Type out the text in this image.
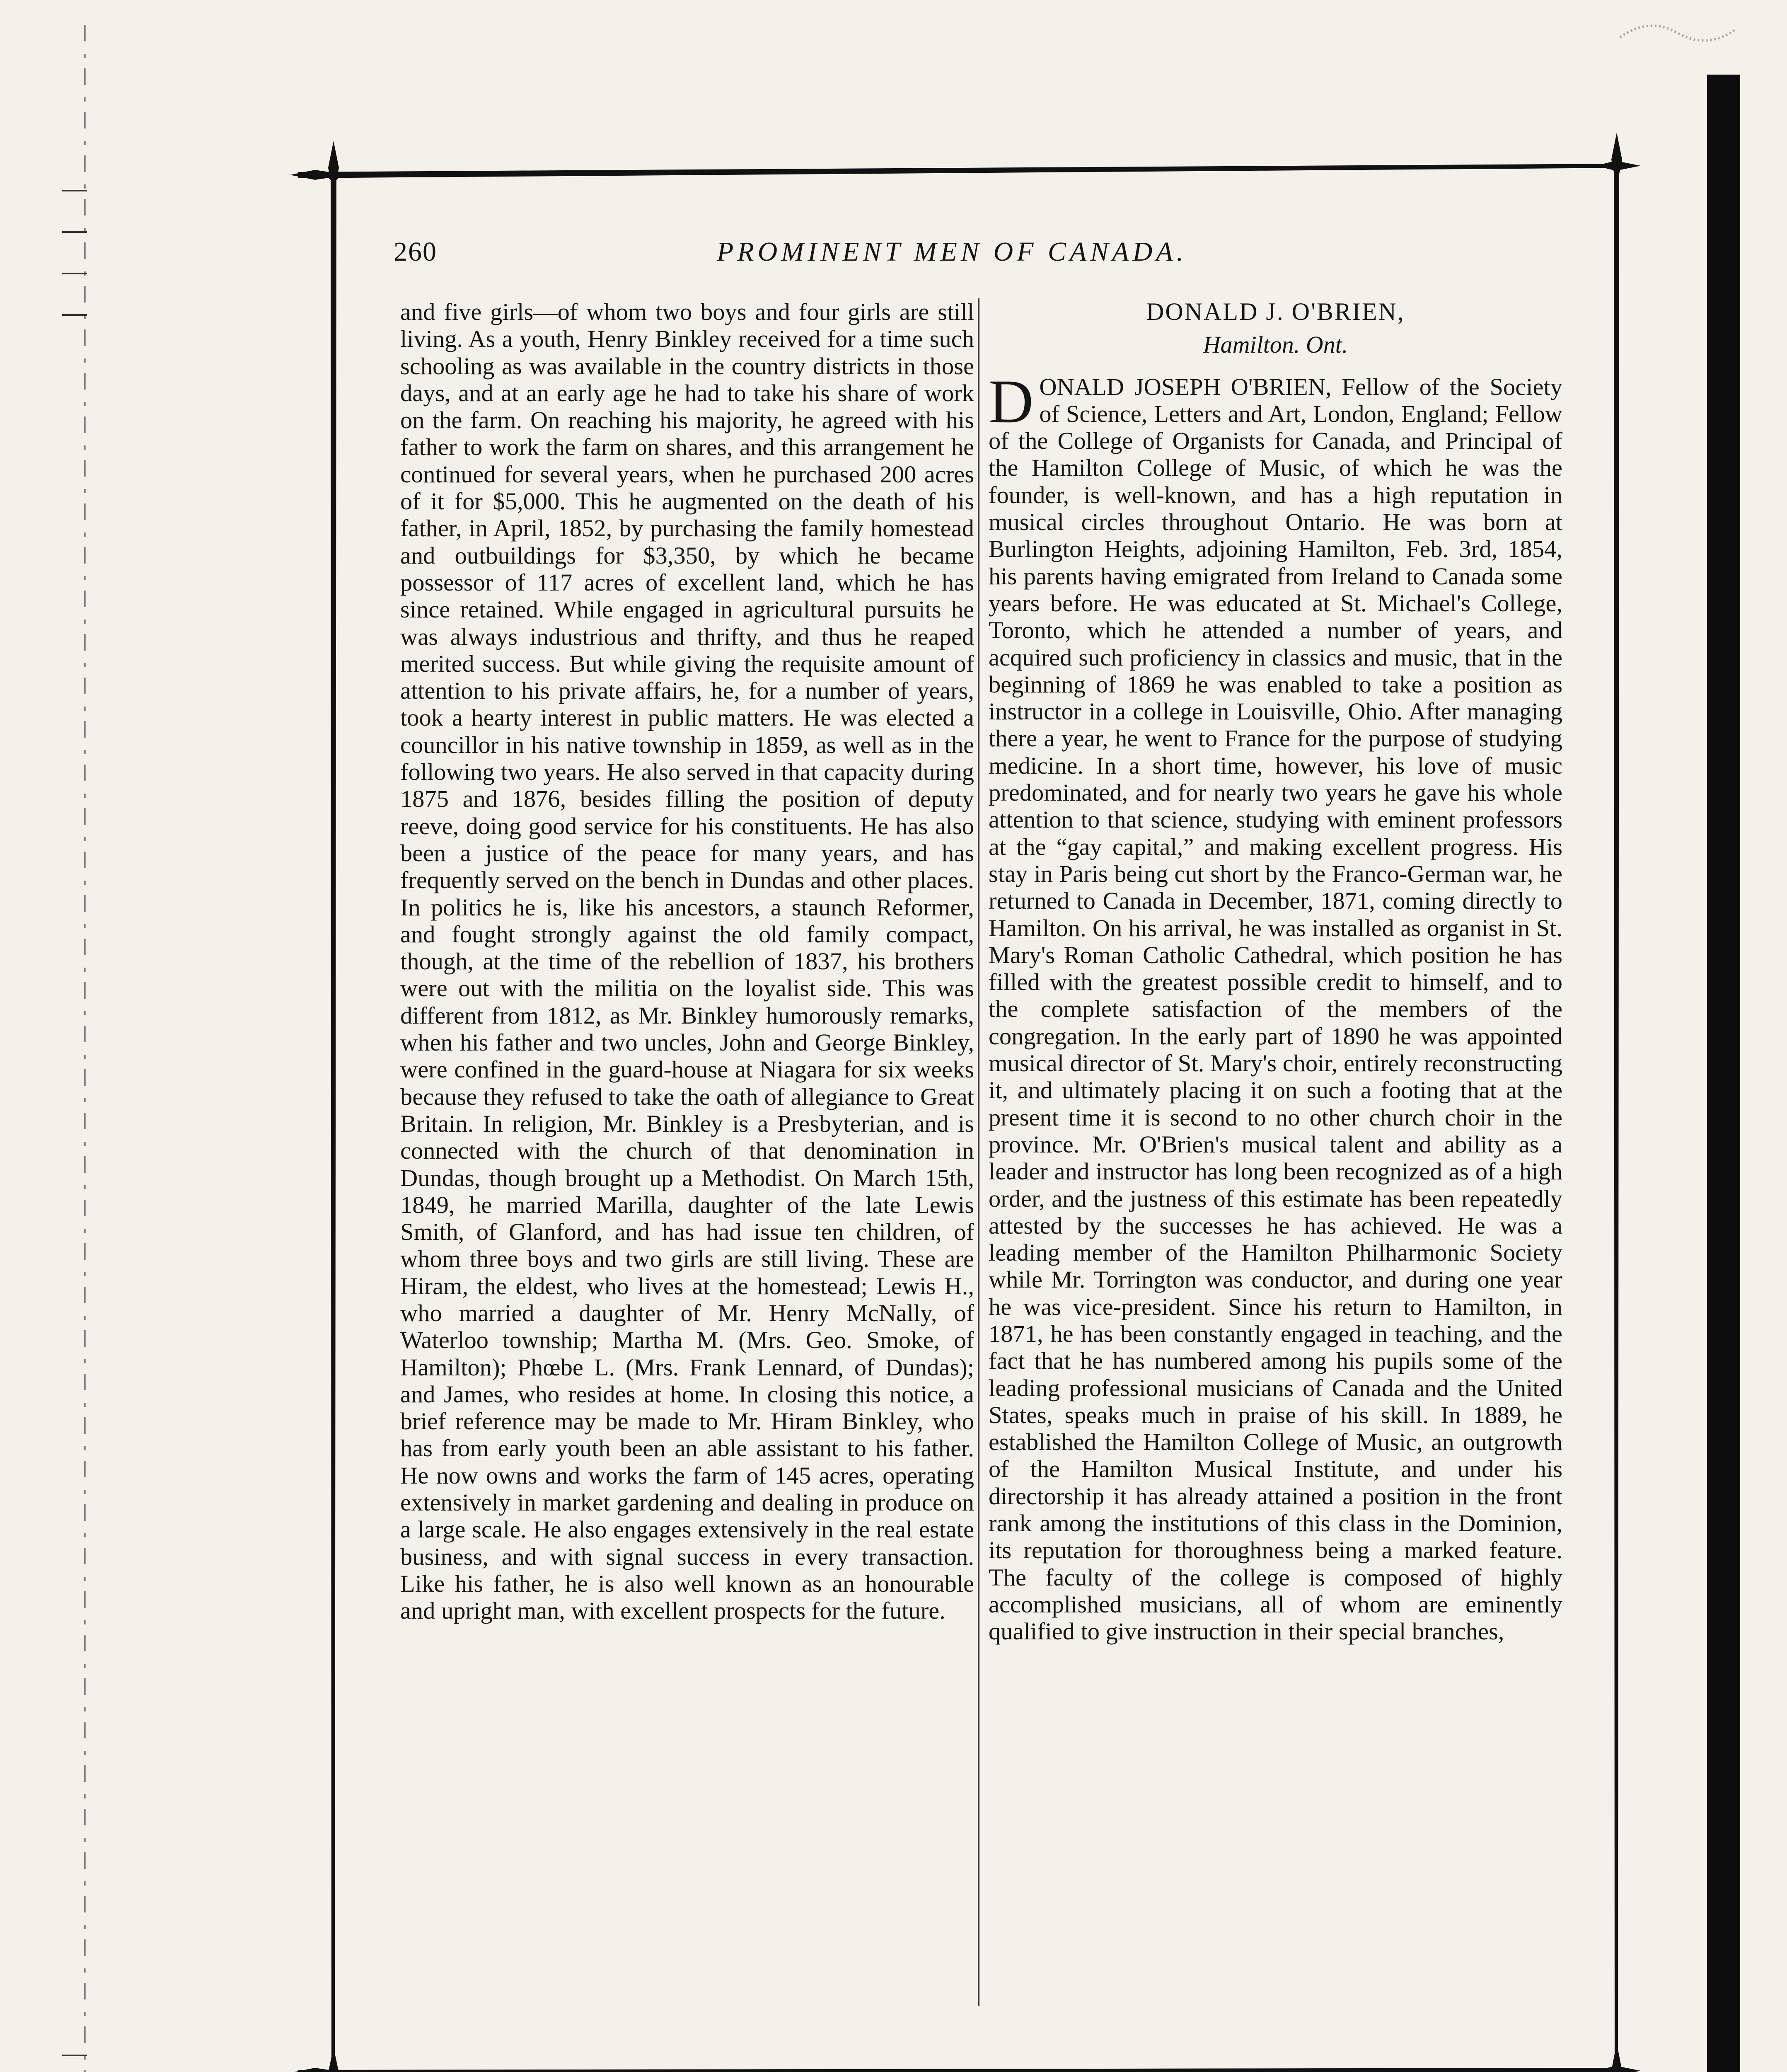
260	PROMINENT MEN OF CANADA.

and five girls—of whom two boys and four girls are still living. As a youth, Henry Binkley received for a time such schooling as was available in the country districts in those days, and at an early age he had to take his share of work on the farm. On reaching his majority, he agreed with his father to work the farm on shares, and this arrangement he continued for several years, when he purchased 200 acres of it for $5,000. This he augmented on the death of his father, in April, 1852, by purchasing the family homestead and outbuildings for $3,350, by which he became possessor of 117 acres of excellent land, which he has since retained. While engaged in agricultural pursuits he was always industrious and thrifty, and thus he reaped merited success. But while giving the requisite amount of attention to his private affairs, he, for a number of years, took a hearty interest in public matters. He was elected a councillor in his native township in 1859, as well as in the following two years. He also served in that capacity during 1875 and 1876, besides filling the position of deputy reeve, doing good service for his constituents. He has also been a justice of the peace for many years, and has frequently served on the bench in Dundas and other places. In politics he is, like his ancestors, a staunch Reformer, and fought strongly against the old family compact, though, at the time of the rebellion of 1837, his brothers were out with the militia on the loyalist side. This was different from 1812, as Mr. Binkley humorously remarks, when his father and two uncles, John and George Binkley, were confined in the guard-house at Niagara for six weeks because they refused to take the oath of allegiance to Great Britain. In religion, Mr. Binkley is a Presbyterian, and is connected with the church of that denomination in Dundas, though brought up a Methodist. On March 15th, 1849, he married Marilla, daughter of the late Lewis Smith, of Glanford, and has had issue ten children, of whom three boys and two girls are still living. These are Hiram, the eldest, who lives at the homestead; Lewis H., who married a daughter of Mr. Henry McNally, of Waterloo township; Martha M. (Mrs. Geo. Smoke, of Hamilton); Phœbe L. (Mrs. Frank Lennard, of Dundas); and James, who resides at home. In closing this notice, a brief reference may be made to Mr. Hiram Binkley, who has from early youth been an able assistant to his father. He now owns and works the farm of 145 acres, operating extensively in market gardening and dealing in produce on a large scale. He also engages extensively in the real estate business, and with signal success in every transaction. Like his father, he is also well known as an honourable and upright man, with excellent prospects for the future.

DONALD J. O'BRIEN,
Hamilton. Ont.

DONALD JOSEPH O'BRIEN, Fellow of the Society of Science, Letters and Art, London, England; Fellow of the College of Organists for Canada, and Principal of the Hamilton College of Music, of which he was the founder, is well-known, and has a high reputation in musical circles throughout Ontario. He was born at Burlington Heights, adjoining Hamilton, Feb. 3rd, 1854, his parents having emigrated from Ireland to Canada some years before. He was educated at St. Michael's College, Toronto, which he attended a number of years, and acquired such proficiency in classics and music, that in the beginning of 1869 he was enabled to take a position as instructor in a college in Louisville, Ohio. After managing there a year, he went to France for the purpose of studying medicine. In a short time, however, his love of music predominated, and for nearly two years he gave his whole attention to that science, studying with eminent professors at the “gay capital,” and making excellent progress. His stay in Paris being cut short by the Franco-German war, he returned to Canada in December, 1871, coming directly to Hamilton. On his arrival, he was installed as organist in St. Mary's Roman Catholic Cathedral, which position he has filled with the greatest possible credit to himself, and to the complete satisfaction of the members of the congregation. In the early part of 1890 he was appointed musical director of St. Mary's choir, entirely reconstructing it, and ultimately placing it on such a footing that at the present time it is second to no other church choir in the province. Mr. O'Brien's musical talent and ability as a leader and instructor has long been recognized as of a high order, and the justness of this estimate has been repeatedly attested by the successes he has achieved. He was a leading member of the Hamilton Philharmonic Society while Mr. Torrington was conductor, and during one year he was vice-president. Since his return to Hamilton, in 1871, he has been constantly engaged in teaching, and the fact that he has numbered among his pupils some of the leading professional musicians of Canada and the United States, speaks much in praise of his skill. In 1889, he established the Hamilton College of Music, an outgrowth of the Hamilton Musical Institute, and under his directorship it has already attained a position in the front rank among the institutions of this class in the Dominion, its reputation for thoroughness being a marked feature. The faculty of the college is composed of highly accomplished musicians, all of whom are eminently qualified to give instruction in their special branches,
